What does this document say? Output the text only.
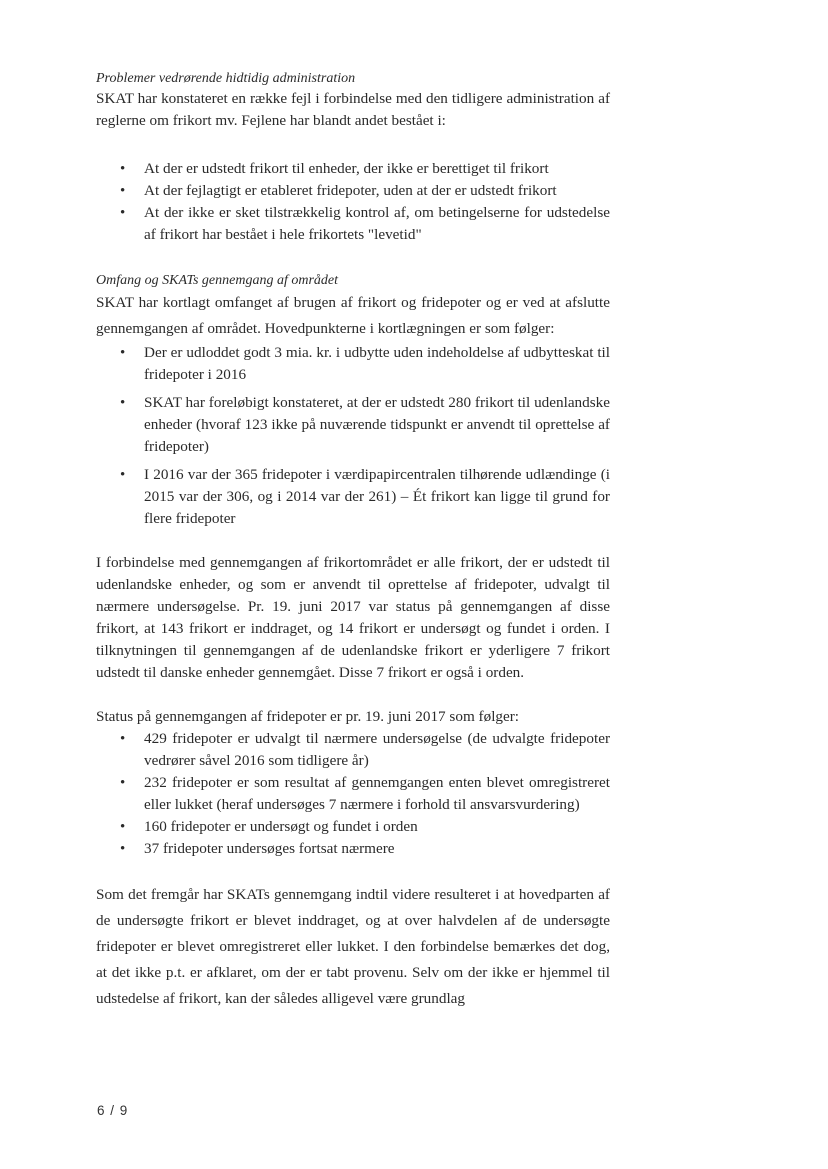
Problemer vedrørende hidtidig administration

SKAT har konstateret en række fejl i forbindelse med den tidligere administration af reglerne om frikort mv. Fejlene har blandt andet bestået i:

• At der er udstedt frikort til enheder, der ikke er berettiget til frikort
• At der fejlagtigt er etableret fridepoter, uden at der er udstedt frikort
• At der ikke er sket tilstrækkelig kontrol af, om betingelserne for udstedelse af frikort har bestået i hele frikortets "levetid"

Omfang og SKATs gennemgang af området

SKAT har kortlagt omfanget af brugen af frikort og fridepoter og er ved at afslutte gennemgangen af området. Hovedpunkterne i kortlægningen er som følger:

• Der er udloddet godt 3 mia. kr. i udbytte uden indeholdelse af udbytteskat til fridepoter i 2016
• SKAT har foreløbigt konstateret, at der er udstedt 280 frikort til udenlandske enheder (hvoraf 123 ikke på nuværende tidspunkt er anvendt til oprettelse af fridepoter)
• I 2016 var der 365 fridepoter i værdipapircentralen tilhørende udlændinge (i 2015 var der 306, og i 2014 var der 261) – Ét frikort kan ligge til grund for flere fridepoter

I forbindelse med gennemgangen af frikortområdet er alle frikort, der er udstedt til udenlandske enheder, og som er anvendt til oprettelse af fridepoter, udvalgt til nærmere undersøgelse. Pr. 19. juni 2017 var status på gennemgangen af disse frikort, at 143 frikort er inddraget, og 14 frikort er undersøgt og fundet i orden. I tilknytningen til gennemgangen af de udenlandske frikort er yderligere 7 frikort udstedt til danske enheder gennemgået. Disse 7 frikort er også i orden.

Status på gennemgangen af fridepoter er pr. 19. juni 2017 som følger:

• 429 fridepoter er udvalgt til nærmere undersøgelse (de udvalgte fridepoter vedrører såvel 2016 som tidligere år)
• 232 fridepoter er som resultat af gennemgangen enten blevet omregistreret eller lukket (heraf undersøges 7 nærmere i forhold til ansvarsvurdering)
• 160 fridepoter er undersøgt og fundet i orden
• 37 fridepoter undersøges fortsat nærmere

Som det fremgår har SKATs gennemgang indtil videre resulteret i at hovedparten af de undersøgte frikort er blevet inddraget, og at over halvdelen af de undersøgte fridepoter er blevet omregistreret eller lukket. I den forbindelse bemærkes det dog, at det ikke p.t. er afklaret, om der er tabt provenu. Selv om der ikke er hjemmel til udstedelse af frikort, kan der således alligevel være grundlag

6 / 9
